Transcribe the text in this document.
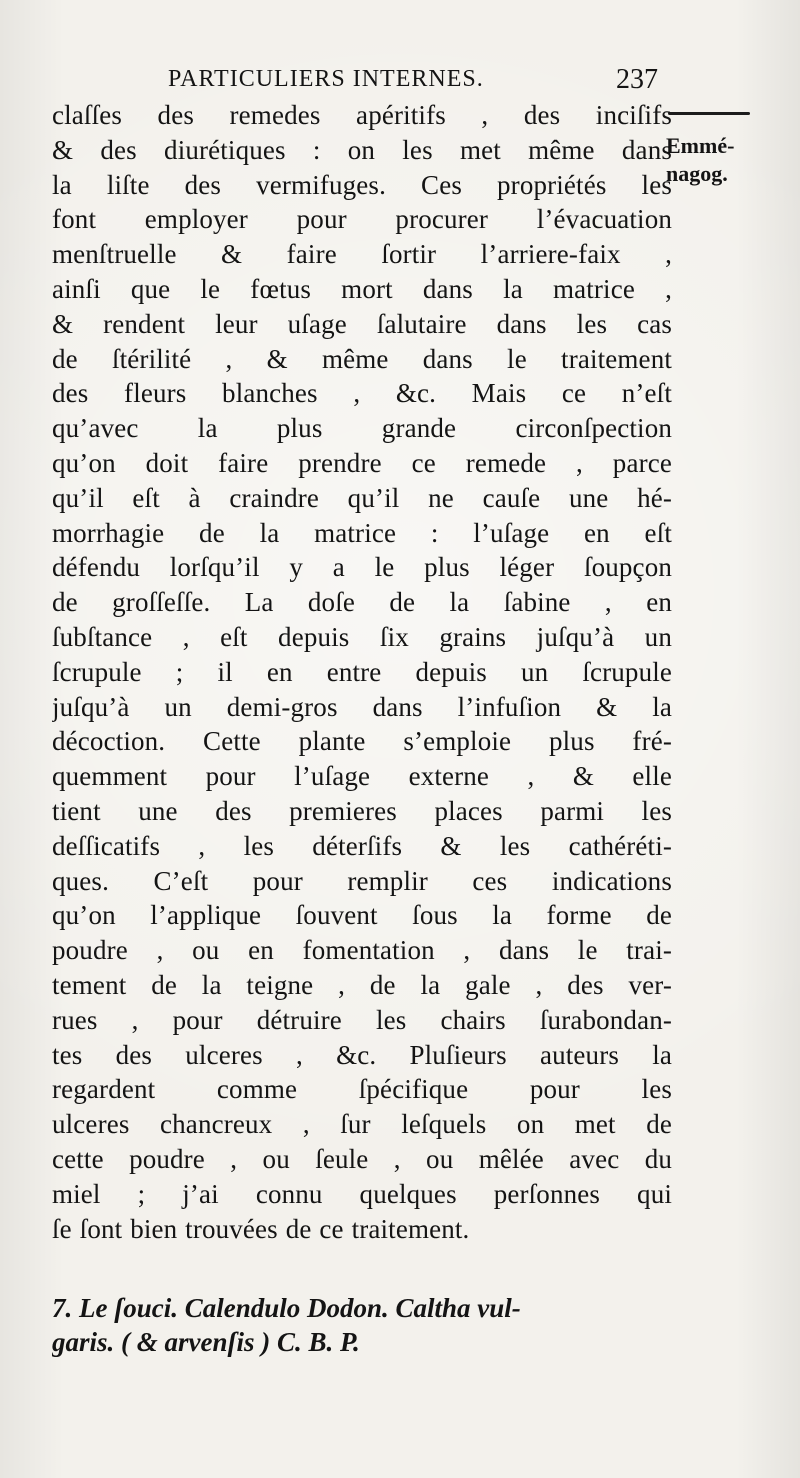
PARTICULIERS INTERNES.	237
Emmé-
nagog.
claſſes des remedes apéritifs , des inciſifs
& des diurétiques : on les met même dans
la liſte des vermifuges. Ces propriétés les
font employer pour procurer l’évacuation
menſtruelle & faire ſortir l’arriere-faix ,
ainſi que le fœtus mort dans la matrice ,
& rendent leur uſage ſalutaire dans les cas
de ſtérilité , & même dans le traitement
des fleurs blanches , &c. Mais ce n’eſt
qu’avec la plus grande circonſpection
qu’on doit faire prendre ce remede , parce
qu’il eſt à craindre qu’il ne cauſe une hé-
morrhagie de la matrice : l’uſage en eſt
défendu lorſqu’il y a le plus léger ſoupçon
de groſſeſſe. La doſe de la ſabine , en
ſubſtance , eſt depuis ſix grains juſqu’à un
ſcrupule ; il en entre depuis un ſcrupule
juſqu’à un demi-gros dans l’infuſion & la
décoction. Cette plante s’emploie plus fré-
quemment pour l’uſage externe , & elle
tient une des premieres places parmi les
deſſicatifs , les déterſifs & les cathéréti-
ques. C’eſt pour remplir ces indications
qu’on l’applique ſouvent ſous la forme de
poudre , ou en fomentation , dans le trai-
tement de la teigne , de la gale , des ver-
rues , pour détruire les chairs ſurabondan-
tes des ulceres , &c. Pluſieurs auteurs la
regardent comme ſpécifique pour les
ulceres chancreux , ſur leſquels on met de
cette poudre , ou ſeule , ou mêlée avec du
miel ; j’ai connu quelques perſonnes qui
ſe ſont bien trouvées de ce traitement.
7. Le ſouci. Calendulo Dodon. Caltha vul-
garis. ( & arvenſis ) C. B. P.
